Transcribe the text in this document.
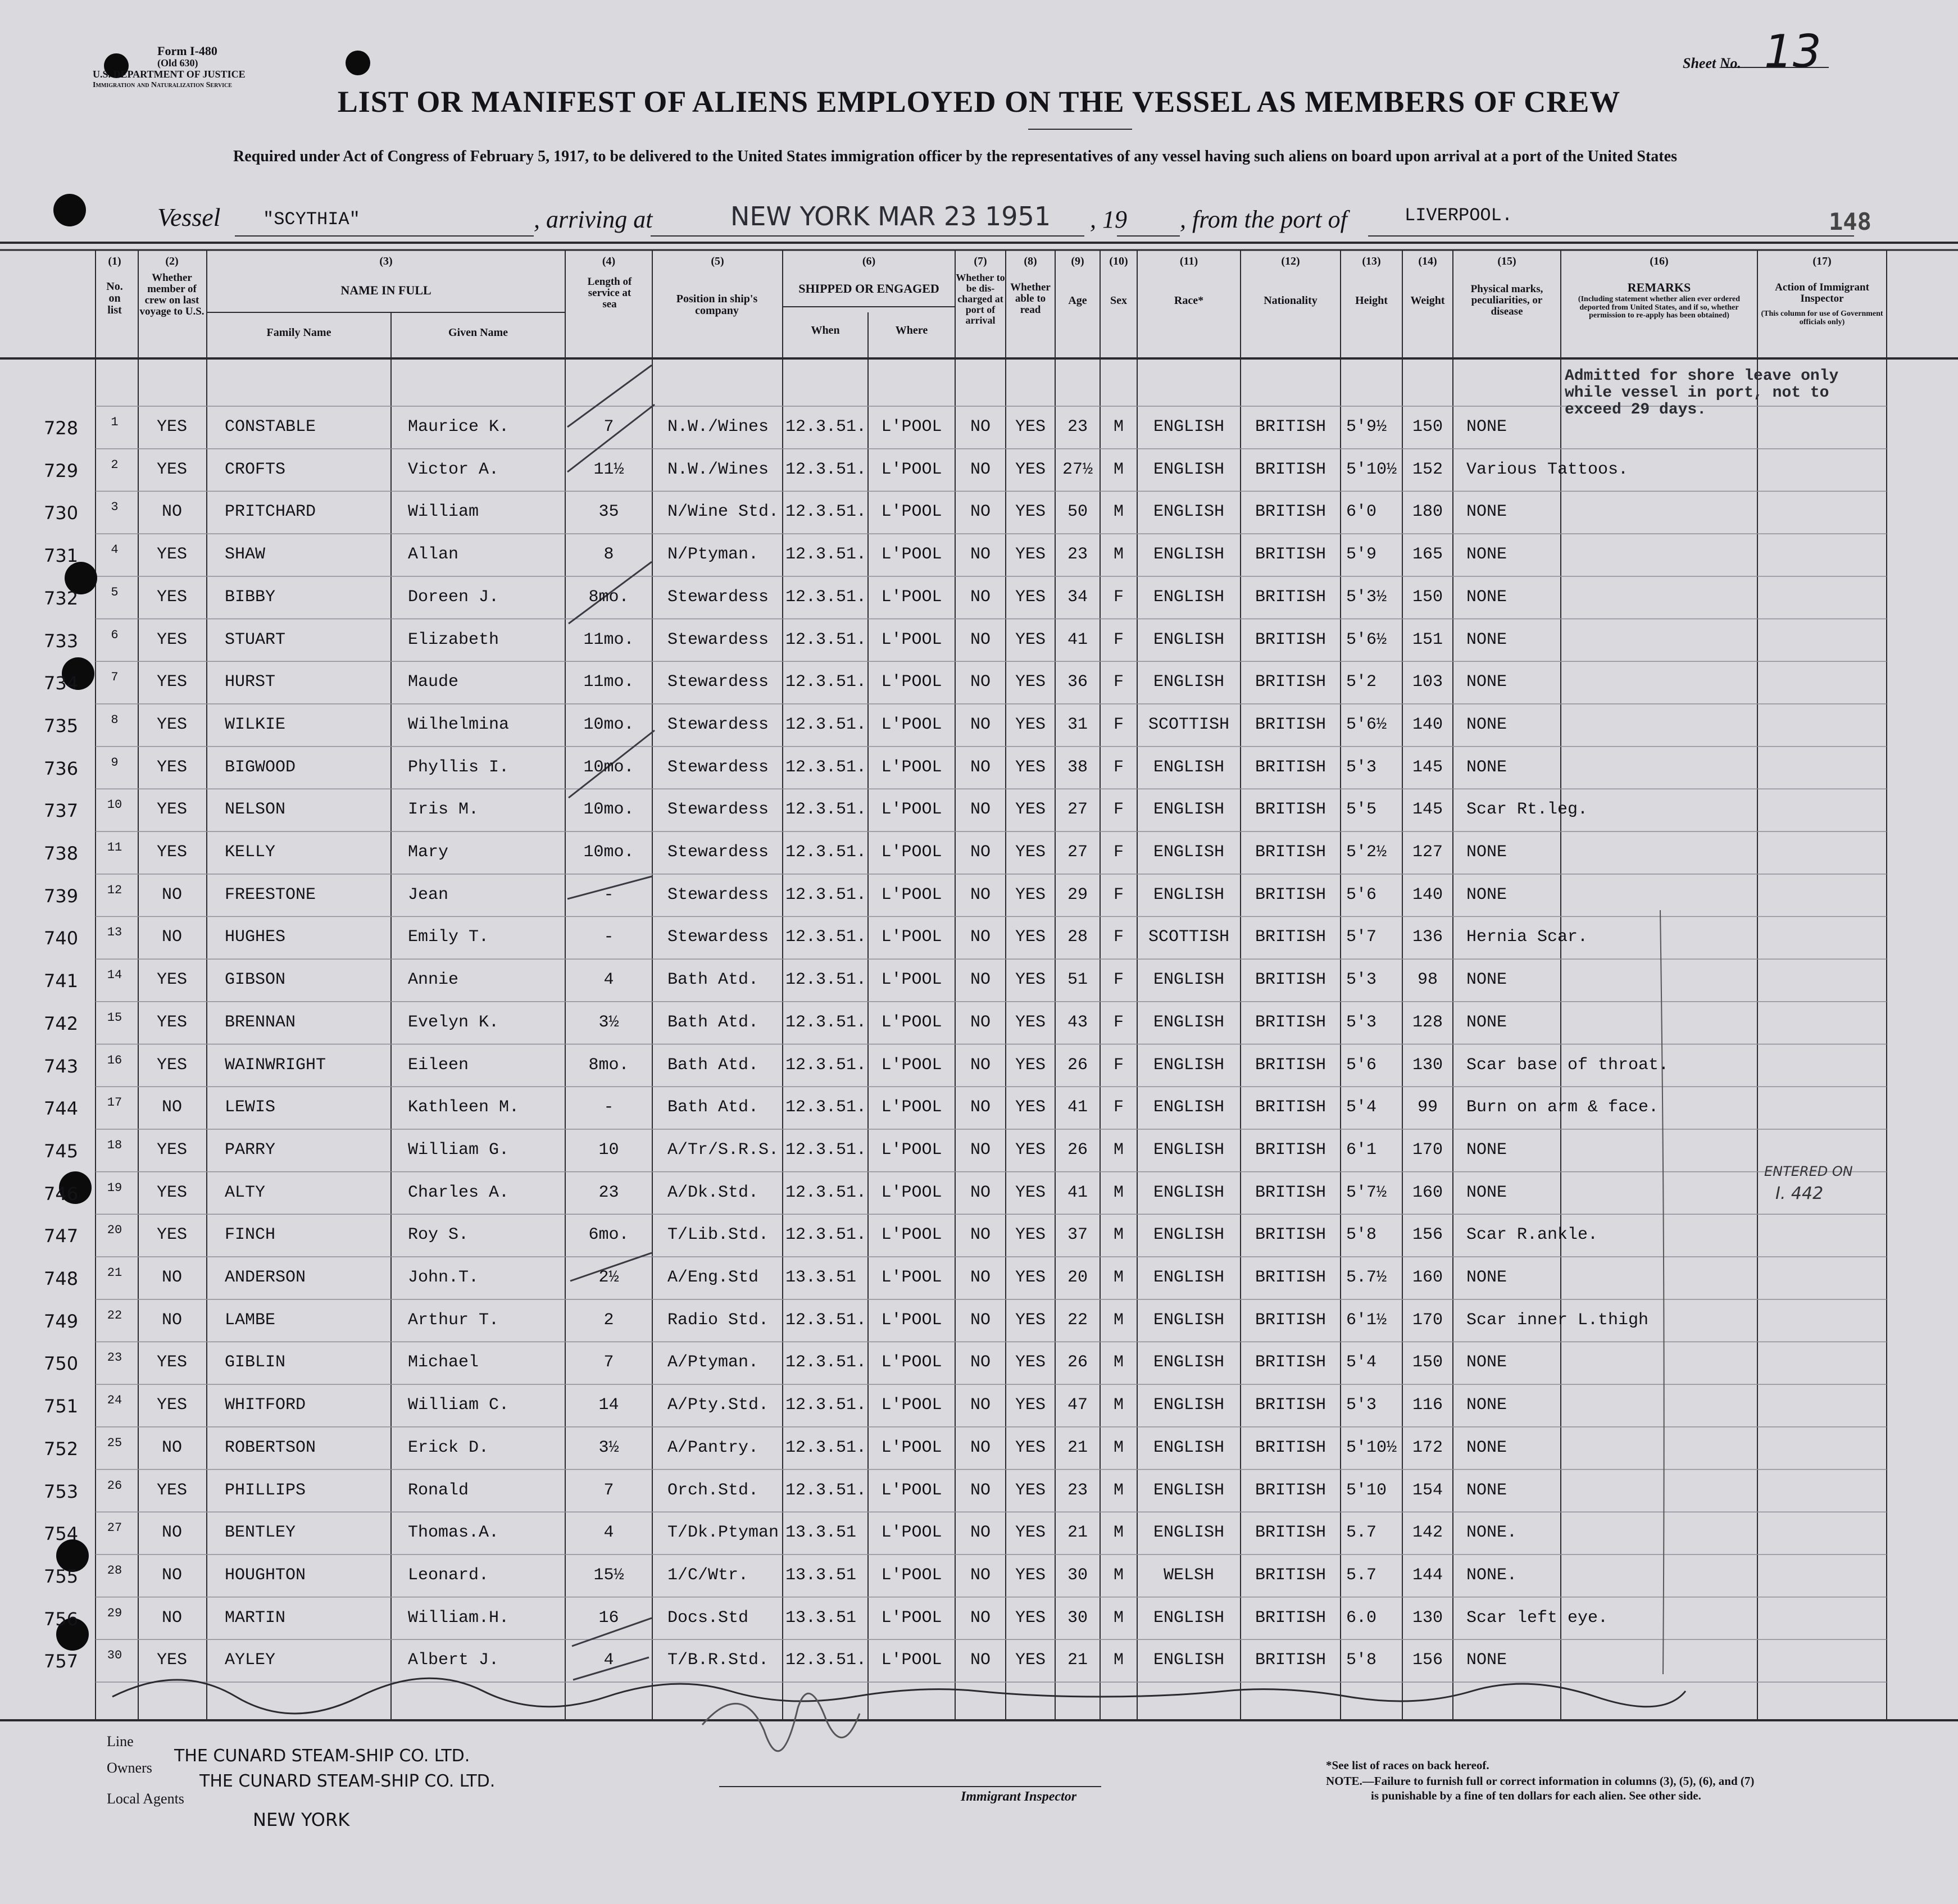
Form I-480
(Old 630)
U.S. DEPARTMENT OF JUSTICE
Immigration and Naturalization Service
Sheet No. 13
LIST OR MANIFEST OF ALIENS EMPLOYED ON THE VESSEL AS MEMBERS OF CREW
Required under Act of Congress of February 5, 1917, to be delivered to the United States immigration officer by the representatives of any vessel having such aliens on board upon arrival at a port of the United States
Vessel "SCYTHIA"	, arriving at	NEW YORK MAR 23 1951 , 19 , from the port of	LIVERPOOL.	148
(1)
No. on list
(2)
Whether member of crew on last voyage to U.S.
(3)
NAME IN FULL
Family Name	Given Name
(4)
Length of service at sea
(5)
Position in ship's company
(6)
SHIPPED OR ENGAGED
When	Where
(7)
Whether to be dis-charged at port of arrival
(8)
Whether able to read
(9)
Age
(10)
Sex
(11)
Race*
(12)
Nationality
(13)
Height
(14)
Weight
(15)
Physical marks, peculiarities, or disease
(16)
REMARKS
(Including statement whether alien ever ordered deported from United States, and if so, whether permission to re-apply has been obtained)
(17)
Action of Immigrant Inspector
(This column for use of Government officials only)
728	1	YES	CONSTABLE	Maurice K.	7	N.W./Wines 12.3.51. L'POOL	NO	YES	23	M	ENGLISH	BRITISH	5'9½	150	NONE
729	2	YES	CROFTS	Victor A.	11½	N.W./Wines 12.3.51. L'POOL	NO	YES 27½	M	ENGLISH	BRITISH	5'10½ 152	Various Tattoos.
730	3	NO	PRITCHARD	William	35	N/Wine Std. 12.3.51. L'POOL	NO	YES	50	M	ENGLISH	BRITISH	6'0	180	NONE
731	4	YES	SHAW	Allan	8	N/Ptyman.	12.3.51. L'POOL	NO	YES	23	M	ENGLISH	BRITISH	5'9	165	NONE
732	5	YES	BIBBY	Doreen J.	8mo.	Stewardess 12.3.51. L'POOL	NO	YES	34	F	ENGLISH	BRITISH	5'3½	150	NONE
733	6	YES	STUART	Elizabeth	11mo.	Stewardess 12.3.51. L'POOL	NO	YES	41	F	ENGLISH	BRITISH	5'6½	151	NONE
734	7	YES	HURST	Maude	11mo.	Stewardess 12.3.51. L'POOL	NO	YES	36	F	ENGLISH	BRITISH	5'2	103	NONE
735	8	YES	WILKIE	Wilhelmina	10mo.	Stewardess 12.3.51. L'POOL	NO	YES	31	F	SCOTTISH	BRITISH	5'6½	140	NONE
736	9	YES	BIGWOOD	Phyllis I.	10mo.	Stewardess 12.3.51. L'POOL	NO	YES	38	F	ENGLISH	BRITISH	5'3	145	NONE
737	10	YES	NELSON	Iris M.	10mo.	Stewardess 12.3.51. L'POOL	NO	YES	27	F	ENGLISH	BRITISH	5'5	145	Scar Rt.leg.
738	11	YES	KELLY	Mary	10mo.	Stewardess 12.3.51. L'POOL	NO	YES	27	F	ENGLISH	BRITISH	5'2½	127	NONE
739	12	NO	FREESTONE	Jean	-	Stewardess 12.3.51. L'POOL	NO	YES	29	F	ENGLISH	BRITISH	5'6	140	NONE
740	13	NO	HUGHES	Emily T.	-	Stewardess 12.3.51. L'POOL	NO	YES	28	F	SCOTTISH	BRITISH	5'7	136	Hernia Scar.
741	14	YES	GIBSON	Annie	4	Bath Atd.	12.3.51. L'POOL	NO	YES	51	F	ENGLISH	BRITISH	5'3	98	NONE
742	15	YES	BRENNAN	Evelyn K.	3½	Bath Atd.	12.3.51. L'POOL	NO	YES	43	F	ENGLISH	BRITISH	5'3	128	NONE
743	16	YES	WAINWRIGHT	Eileen	8mo.	Bath Atd.	12.3.51. L'POOL	NO	YES	26	F	ENGLISH	BRITISH	5'6	130	Scar base of throat.
744	17	NO	LEWIS	Kathleen M.	-	Bath Atd.	12.3.51. L'POOL	NO	YES	41	F	ENGLISH	BRITISH	5'4	99	Burn on arm & face.
745	18	YES	PARRY	William G.	10	A/Tr/S.R.S. 12.3.51. L'POOL	NO	YES	26	M	ENGLISH	BRITISH	6'1	170	NONE
746	19	YES	ALTY	Charles A.	23	A/Dk.Std.	12.3.51. L'POOL	NO	YES	41	M	ENGLISH	BRITISH	5'7½	160	NONE
747	20	YES	FINCH	Roy S.	6mo.	T/Lib.Std. 12.3.51. L'POOL	NO	YES	37	M	ENGLISH	BRITISH	5'8	156	Scar R.ankle.
748	21	NO	ANDERSON	John.T.	2½	A/Eng.Std	13.3.51	L'POOL	NO	YES	20	M	ENGLISH	BRITISH	5.7½	160	NONE
749	22	NO	LAMBE	Arthur T.	2	Radio Std. 12.3.51. L'POOL	NO	YES	22	M	ENGLISH	BRITISH	6'1½	170	Scar inner L.thigh
750	23	YES	GIBLIN	Michael	7	A/Ptyman.	12.3.51. L'POOL	NO	YES	26	M	ENGLISH	BRITISH	5'4	150	NONE
751	24	YES	WHITFORD	William C.	14	A/Pty.Std. 12.3.51. L'POOL	NO	YES	47	M	ENGLISH	BRITISH	5'3	116	NONE
752	25	NO	ROBERTSON	Erick D.	3½	A/Pantry.	12.3.51. L'POOL	NO	YES	21	M	ENGLISH	BRITISH	5'10½ 172	NONE
753	26	YES	PHILLIPS	Ronald	7	Orch.Std.	12.3.51. L'POOL	NO	YES	23	M	ENGLISH	BRITISH	5'10	154	NONE
754	27	NO	BENTLEY	Thomas.A.	4	T/Dk.Ptyman 13.3.51	L'POOL	NO	YES	21	M	ENGLISH	BRITISH	5.7	142	NONE.
755	28	NO	HOUGHTON	Leonard.	15½	1/C/Wtr.	13.3.51	L'POOL	NO	YES	30	M	WELSH	BRITISH	5.7	144	NONE.
756	29	NO	MARTIN	William.H.	16	Docs.Std	13.3.51	L'POOL	NO	YES	30	M	ENGLISH	BRITISH	6.0	130	Scar left eye.
757	30	YES	AYLEY	Albert J.	4	T/B.R.Std. 12.3.51. L'POOL	NO	YES	21	M	ENGLISH	BRITISH	5'8	156	NONE
Admitted for shore leave only
while vessel in port, not to
exceed 29 days.
ENTERED ON
I. 442
Line
THE CUNARD STEAM-SHIP CO. LTD.
Owners
THE CUNARD STEAM-SHIP CO. LTD.
Local Agents
NEW YORK
Immigrant Inspector
*See list of races on back hereof.
NOTE.—Failure to furnish full or correct information in columns (3), (5), (6), and (7)
is punishable by a fine of ten dollars for each alien. See other side.
